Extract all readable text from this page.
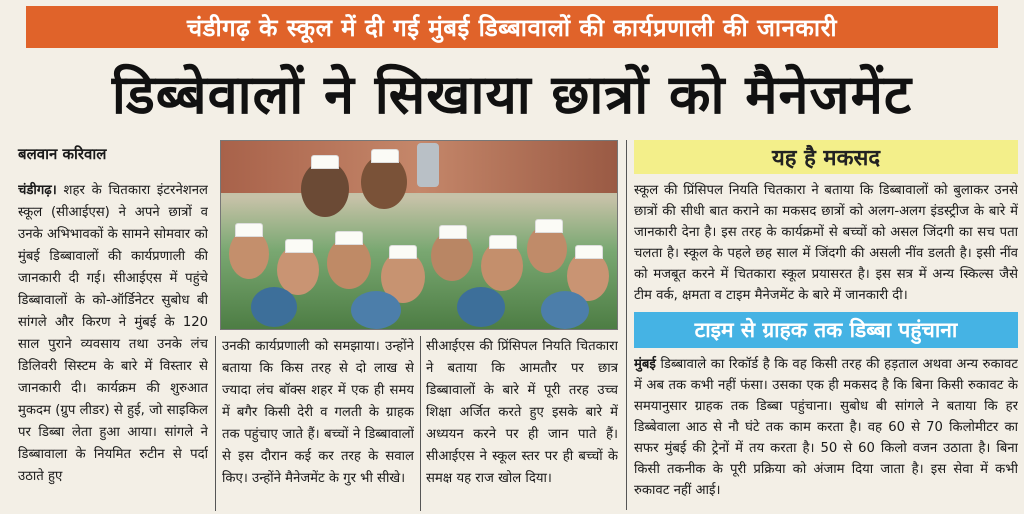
चंडीगढ़ के स्कूल में दी गई मुंबई डिब्बावालों की कार्यप्रणाली की जानकारी
डिब्बेवालों ने सिखाया छात्रों को मैनेजमेंट
बलवान करिवाल

चंडीगढ़। शहर के चितकारा इंटरनेशनल स्कूल (सीआईएस) ने अपने छात्रों व उनके अभिभावकों के सामने सोमवार को मुंबई डिब्बावालों की कार्यप्रणाली की जानकारी दी गई। सीआईएस में पहुंचे डिब्बावालों के को-ऑर्डिनेटर सुबोध बी सांगले और किरण ने मुंबई के 120 साल पुराने व्यवसाय तथा उनके लंच डिलिवरी सिस्टम के बारे में विस्तार से जानकारी दी। कार्यक्रम की शुरुआत मुकदम (ग्रुप लीडर) से हुई, जो साइकिल पर डिब्बा लेता हुआ आया। सांगले ने डिब्बावाला के नियमित रुटीन से पर्दा उठाते हुए

उनकी कार्यप्रणाली को समझाया। उन्होंने बताया कि किस तरह से दो लाख से ज्यादा लंच बॉक्स शहर में एक ही समय में बगैर किसी देरी व गलती के ग्राहक तक पहुंचाए जाते हैं। बच्चों ने डिब्बावालों से इस दौरान कई कर तरह के सवाल किए। उन्होंने मैनेजमेंट के गुर भी सीखे।

सीआईएस की प्रिंसिपल नियति चितकारा ने बताया कि आमतौर पर छात्र डिब्बावालों के बारे में पूरी तरह उच्च शिक्षा अर्जित करते हुए इसके बारे में अध्ययन करने पर ही जान पाते हैं। सीआईएस ने स्कूल स्तर पर ही बच्चों के समक्ष यह राज खोल दिया।

यह है मकसद

स्कूल की प्रिंसिपल नियति चितकारा ने बताया कि डिब्बावालों को बुलाकर उनसे छात्रों की सीधी बात कराने का मकसद छात्रों को अलग-अलग इंडस्ट्रीज के बारे में जानकारी देना है। इस तरह के कार्यक्रमों से बच्चों को असल जिंदगी का सच पता चलता है। स्कूल के पहले छह साल में जिंदगी की असली नींव डलती है। इसी नींव को मजबूत करने में चितकारा स्कूल प्रयासरत है। इस सत्र में अन्य स्किल्स जैसे टीम वर्क, क्षमता व टाइम मैनेजमेंट के बारे में जानकारी दी।

टाइम से ग्राहक तक डिब्बा पहुंचाना

मुंबई डिब्बावाले का रिकॉर्ड है कि वह किसी तरह की हड़ताल अथवा अन्य रुकावट में अब तक कभी नहीं फंसा। उसका एक ही मकसद है कि बिना किसी रुकावट के समयानुसार ग्राहक तक डिब्बा पहुंचाना। सुबोध बी सांगले ने बताया कि हर डिब्बेवाला आठ से नौ घंटे तक काम करता है। वह 60 से 70 किलोमीटर का सफर मुंबई की ट्रेनों में तय करता है। 50 से 60 किलो वजन उठाता है। बिना किसी तकनीक के पूरी प्रक्रिया को अंजाम दिया जाता है। इस सेवा में कभी रुकावट नहीं आई।
